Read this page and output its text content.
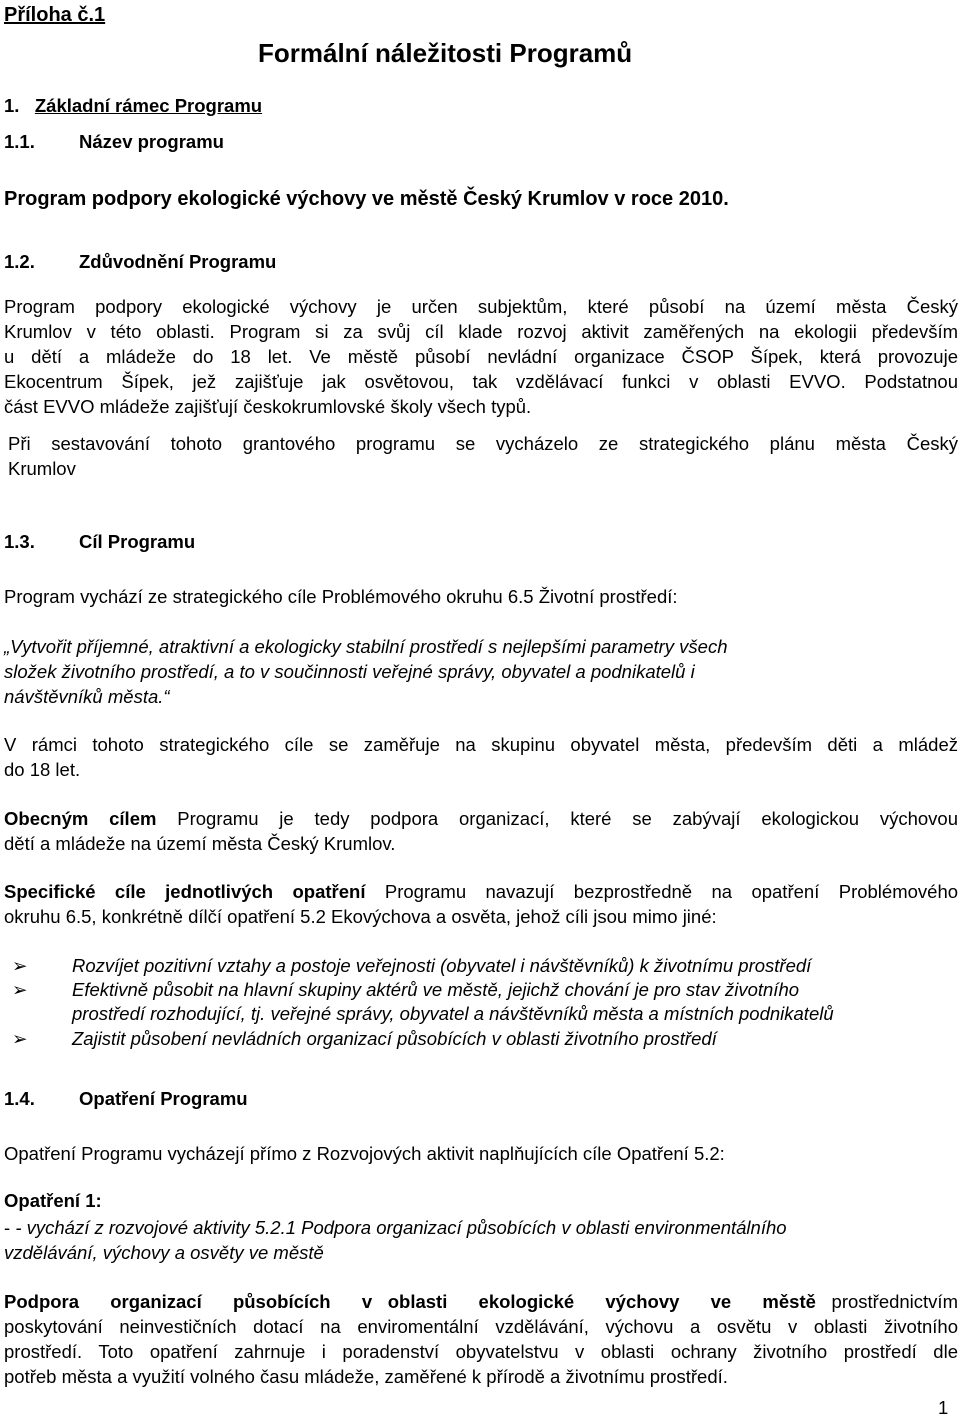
Příloha č.1
Formální náležitosti Programů
1. Základní rámec Programu
1.1. Název programu
Program podpory ekologické výchovy ve městě Český Krumlov v roce 2010.
1.2. Zdůvodnění Programu
Program podpory ekologické výchovy je určen subjektům, které působí na území města Český
Krumlov v této oblasti. Program si za svůj cíl klade rozvoj aktivit zaměřených na ekologii především
u dětí a mládeže do 18 let. Ve městě působí nevládní organizace ČSOP Šípek, která provozuje
Ekocentrum Šípek, jež zajišťuje jak osvětovou, tak vzdělávací funkci v oblasti EVVO. Podstatnou
část EVVO mládeže zajišťují českokrumlovské školy všech typů.
Při sestavování tohoto grantového programu se vycházelo ze strategického plánu města Český
Krumlov
1.3. Cíl Programu
Program vychází ze strategického cíle Problémového okruhu 6.5 Životní prostředí:
„Vytvořit příjemné, atraktivní a ekologicky stabilní prostředí s nejlepšími parametry všech
složek životního prostředí, a to v součinnosti veřejné správy, obyvatel a podnikatelů i
návštěvníků města.“
V rámci tohoto strategického cíle se zaměřuje na skupinu obyvatel města, především děti a mládež
do 18 let.
Obecným cílem Programu je tedy podpora organizací, které se zabývají ekologickou výchovou
dětí a mládeže na území města Český Krumlov.
Specifické cíle jednotlivých opatření Programu navazují bezprostředně na opatření Problémového
okruhu 6.5, konkrétně dílčí opatření 5.2 Ekovýchova a osvěta, jehož cíli jsou mimo jiné:
➢ Rozvíjet pozitivní vztahy a postoje veřejnosti (obyvatel i návštěvníků) k životnímu prostředí
➢ Efektivně působit na hlavní skupiny aktérů ve městě, jejichž chování je pro stav životního
prostředí rozhodující, tj. veřejné správy, obyvatel a návštěvníků města a místních podnikatelů
➢ Zajistit působení nevládních organizací působících v oblasti životního prostředí
1.4. Opatření Programu
Opatření Programu vycházejí přímo z Rozvojových aktivit naplňujících cíle Opatření 5.2:
Opatření 1:
- - vychází z rozvojové aktivity 5.2.1 Podpora organizací působících v oblasti environmentálního
vzdělávání, výchovy a osvěty ve městě
Podpora  organizací  působících  v oblasti  ekologické  výchovy  ve  městě prostřednictvím
poskytování neinvestičních dotací na enviromentální vzdělávání, výchovu a osvětu v oblasti životního
prostředí. Toto opatření zahrnuje i poradenství obyvatelstvu v oblasti ochrany životního prostředí dle
potřeb města a využití volného času mládeže, zaměřené k přírodě a životnímu prostředí.
1
